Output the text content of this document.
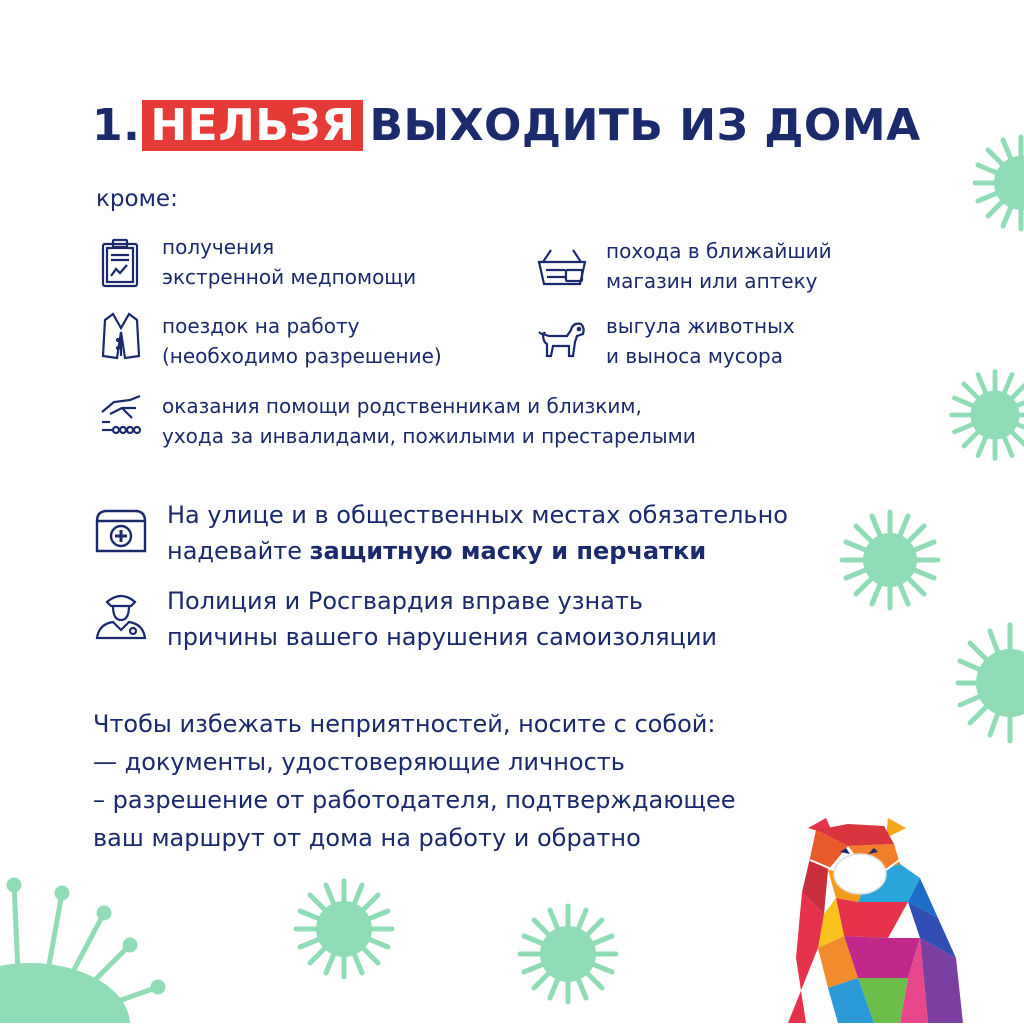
1. НЕЛЬЗЯ ВЫХОДИТЬ ИЗ ДОМА
кроме:
получения
экстренной медпомощи
похода в ближайший
магазин или аптеку
поездок на работу
(необходимо разрешение)
выгула животных
и выноса мусора
оказания помощи родственникам и близким,
ухода за инвалидами, пожилыми и престарелыми
На улице и в общественных местах обязательно
надевайте защитную маску и перчатки
Полиция и Росгвардия вправе узнать
причины вашего нарушения самоизоляции
Чтобы избежать неприятностей, носите с собой:
— документы, удостоверяющие личность
– разрешение от работодателя, подтверждающее
ваш маршрут от дома на работу и обратно
